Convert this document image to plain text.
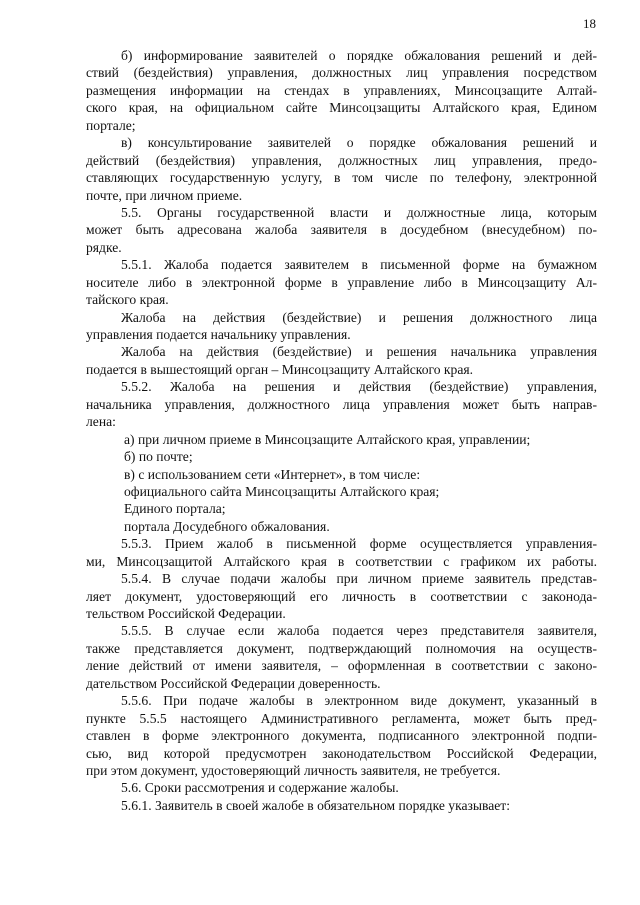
18
б) информирование заявителей о порядке обжалования решений и дей-
ствий (бездействия) управления, должностных лиц управления посредством
размещения информации на стендах в управлениях, Минсоцзащите Алтай-
ского края, на официальном сайте Минсоцзащиты Алтайского края, Едином
портале;
в) консультирование заявителей о порядке обжалования решений и
действий (бездействия) управления, должностных лиц управления, предо-
ставляющих государственную услугу, в том числе по телефону, электронной
почте, при личном приеме.
5.5. Органы государственной власти и должностные лица, которым
может быть адресована жалоба заявителя в досудебном (внесудебном) по-
рядке.
5.5.1. Жалоба подается заявителем в письменной форме на бумажном
носителе либо в электронной форме в управление либо в Минсоцзащиту Ал-
тайского края.
Жалоба на действия (бездействие) и решения должностного лица
управления подается начальнику управления.
Жалоба на действия (бездействие) и решения начальника управления
подается в вышестоящий орган – Минсоцзащиту Алтайского края.
5.5.2. Жалоба на решения и действия (бездействие) управления,
начальника управления, должностного лица управления может быть направ-
лена:
а) при личном приеме в Минсоцзащите Алтайского края, управлении;
б) по почте;
в) с использованием сети «Интернет», в том числе:
официального сайта Минсоцзащиты Алтайского края;
Единого портала;
портала Досудебного обжалования.
5.5.3. Прием жалоб в письменной форме осуществляется управления-
ми, Минсоцзащитой Алтайского края в соответствии с графиком их работы.
5.5.4. В случае подачи жалобы при личном приеме заявитель представ-
ляет документ, удостоверяющий его личность в соответствии с законода-
тельством Российской Федерации.
5.5.5. В случае если жалоба подается через представителя заявителя,
также представляется документ, подтверждающий полномочия на осуществ-
ление действий от имени заявителя, – оформленная в соответствии с законо-
дательством Российской Федерации доверенность.
5.5.6. При подаче жалобы в электронном виде документ, указанный в
пункте 5.5.5 настоящего Административного регламента, может быть пред-
ставлен в форме электронного документа, подписанного электронной подпи-
сью, вид которой предусмотрен законодательством Российской Федерации,
при этом документ, удостоверяющий личность заявителя, не требуется.
5.6. Сроки рассмотрения и содержание жалобы.
5.6.1. Заявитель в своей жалобе в обязательном порядке указывает:
